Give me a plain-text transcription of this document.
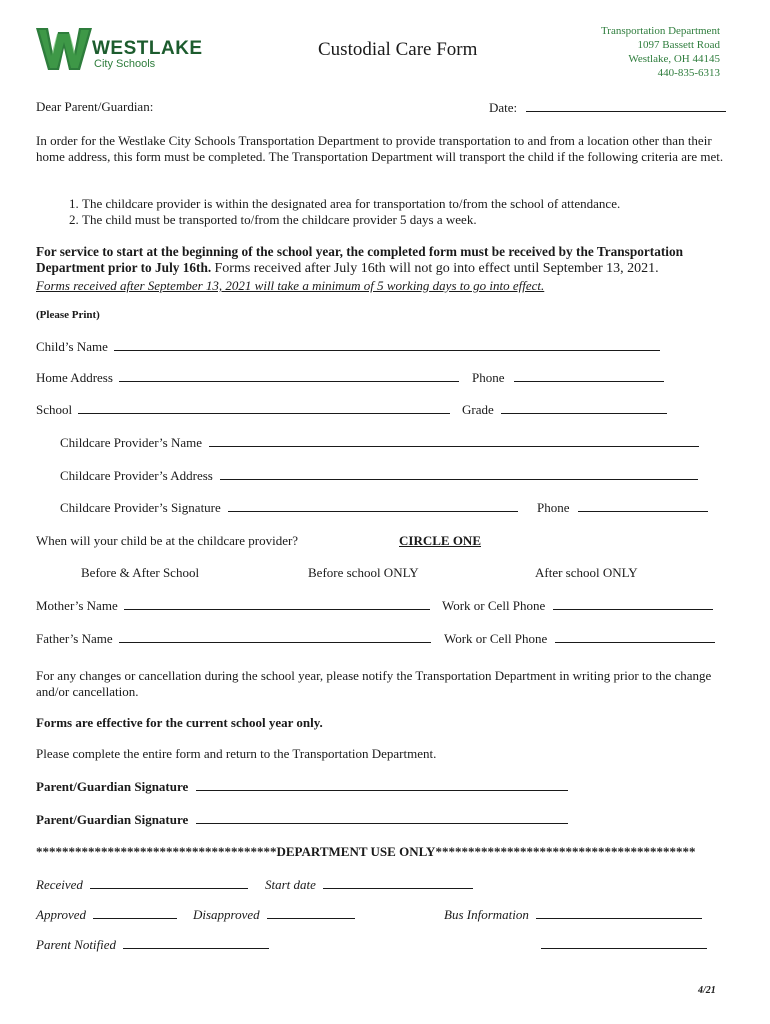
WESTLAKE
City Schools
Custodial Care Form
Transportation Department
1097 Bassett Road
Westlake, OH 44145
440-835-6313
Dear Parent/Guardian:	Date:
In order for the Westlake City Schools Transportation Department to provide transportation to and from a location other than their home address, this form must be completed. The Transportation Department will transport the child if the following criteria are met.
1. The childcare provider is within the designated area for transportation to/from the school of attendance.
2. The child must be transported to/from the childcare provider 5 days a week.
For service to start at the beginning of the school year, the completed form must be received by the Transportation Department prior to July 16th. Forms received after July 16th will not go into effect until September 13, 2021.
Forms received after September 13, 2021 will take a minimum of 5 working days to go into effect.
(Please Print)
Child’s Name
Home Address	Phone
School	Grade
Childcare Provider’s Name
Childcare Provider’s Address
Childcare Provider’s Signature	Phone
When will your child be at the childcare provider?	CIRCLE ONE
Before & After School	Before school ONLY	After school ONLY
Mother’s Name	Work or Cell Phone
Father’s Name	Work or Cell Phone
For any changes or cancellation during the school year, please notify the Transportation Department in writing prior to the change and/or cancellation.
Forms are effective for the current school year only.
Please complete the entire form and return to the Transportation Department.
Parent/Guardian Signature
Parent/Guardian Signature
*************************************DEPARTMENT USE ONLY****************************************
Received	Start date
Approved	Disapproved	Bus Information
Parent Notified
4/21
